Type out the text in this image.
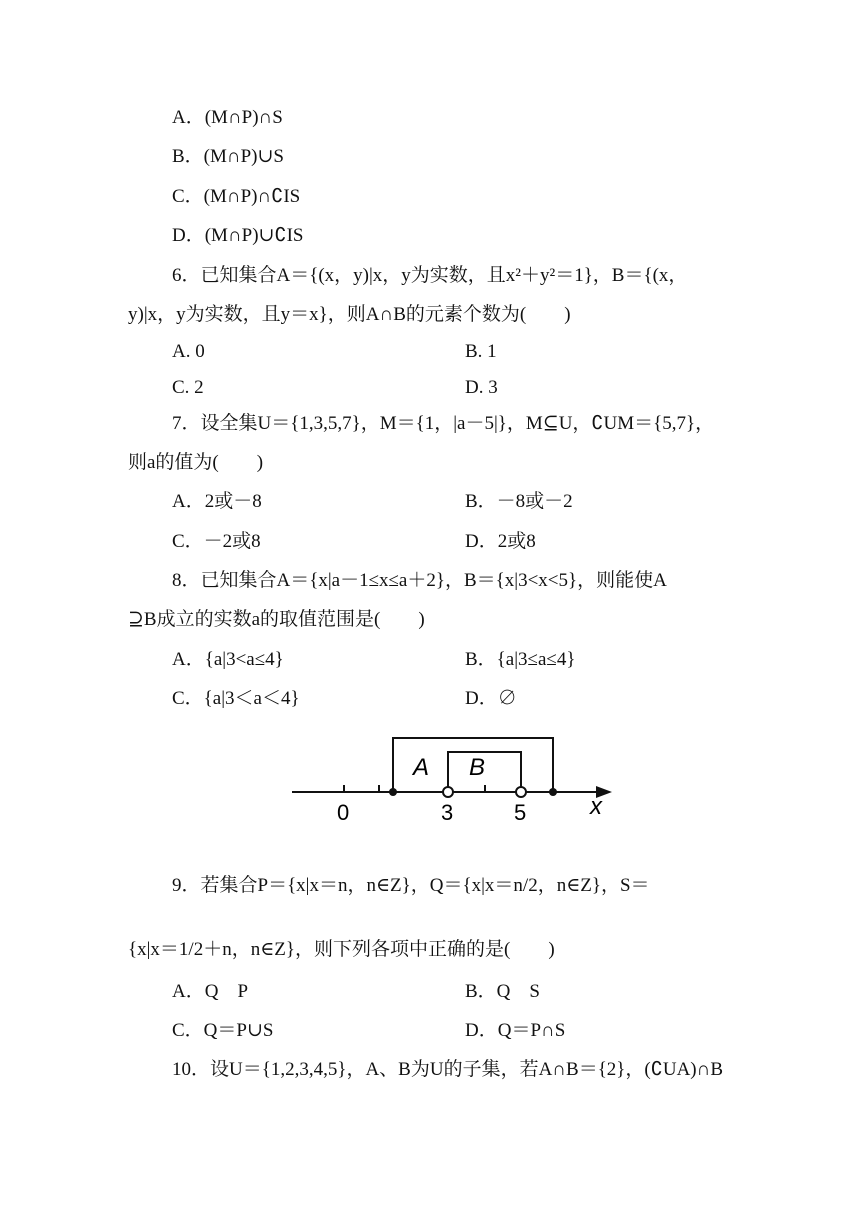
A．(M∩P)∩S
B．(M∩P)∪S
C．(M∩P)∩∁IS
D．(M∩P)∪∁IS
6．已知集合A＝{(x，y)|x，y为实数，且x²＋y²＝1}，B＝{(x，
y)|x，y为实数，且y＝x}，则A∩B的元素个数为(　　)
A. 0	B. 1
C. 2	D. 3
7．设全集U＝{1,3,5,7}，M＝{1，|a－5|}，M⊆U，∁UM＝{5,7}，
则a的值为(　　)
A．2或－8	B．－8或－2
C．－2或8	D．2或8
8．已知集合A＝{x|a－1≤x≤a＋2}，B＝{x|3<x<5}，则能使A
⊇B成立的实数a的取值范围是(　　)
A．{a|3<a≤4}	B．{a|3≤a≤4}
C．{a|3＜a＜4}	D．∅
A B
0	3	5	x
9．若集合P＝{x|x＝n，n∈Z}，Q＝{x|x＝n/2，n∈Z}，S＝
{x|x＝1/2＋n，n∈Z}，则下列各项中正确的是(　　)
A．Q　P	B．Q　S
C．Q＝P∪S	D．Q＝P∩S
10．设U＝{1,2,3,4,5}，A、B为U的子集，若A∩B＝{2}，(∁UA)∩B
